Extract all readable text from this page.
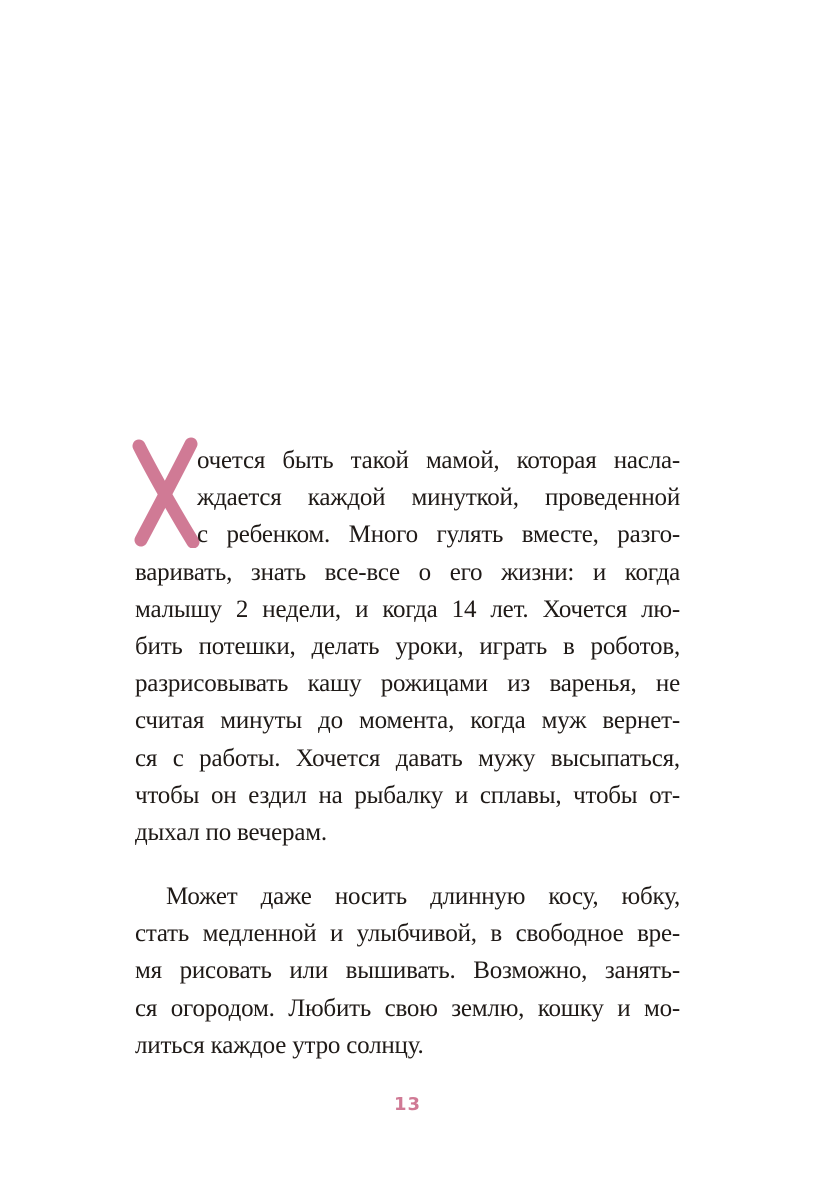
очется быть такой мамой, которая насла-
ждается каждой минуткой, проведенной
с ребенком. Много гулять вместе, разго-
варивать, знать все-все о его жизни: и когда
малышу 2 недели, и когда 14 лет. Хочется лю-
бить потешки, делать уроки, играть в роботов,
разрисовывать кашу рожицами из варенья, не
считая минуты до момента, когда муж вернет-
ся с работы. Хочется давать мужу высыпаться,
чтобы он ездил на рыбалку и сплавы, чтобы от-
дыхал по вечерам.
Может даже носить длинную косу, юбку,
стать медленной и улыбчивой, в свободное вре-
мя рисовать или вышивать. Возможно, занять-
ся огородом. Любить свою землю, кошку и мо-
литься каждое утро солнцу.
13
